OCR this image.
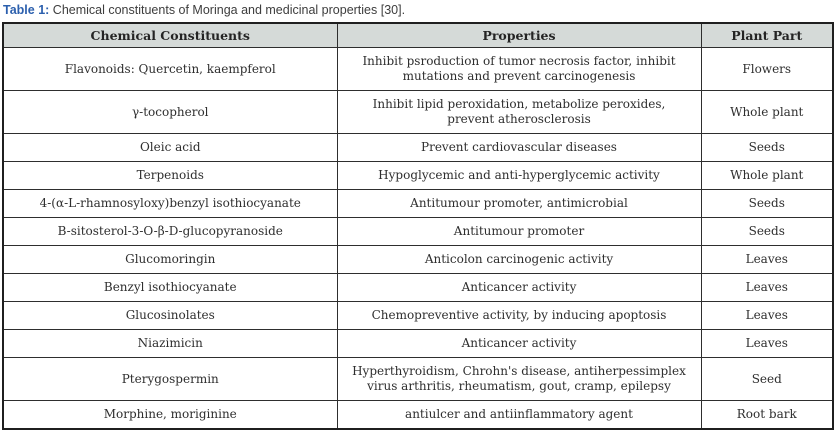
Table 1: Chemical constituents of Moringa and medicinal properties [30].
Chemical Constituents	Properties	Plant Part
Flavonoids: Quercetin, kaempferol	Inhibit psroduction of tumor necrosis factor, inhibit mutations and prevent carcinogenesis	Flowers
γ-tocopherol	Inhibit lipid peroxidation, metabolize peroxides, prevent atherosclerosis	Whole plant
Oleic acid	Prevent cardiovascular diseases	Seeds
Terpenoids	Hypoglycemic and anti-hyperglycemic activity	Whole plant
4-(α-L-rhamnosyloxy)benzyl isothiocyanate	Antitumour promoter, antimicrobial	Seeds
B-sitosterol-3-O-β-D-glucopyranoside	Antitumour promoter	Seeds
Glucomoringin	Anticolon carcinogenic activity	Leaves
Benzyl isothiocyanate	Anticancer activity	Leaves
Glucosinolates	Chemopreventive activity, by inducing apoptosis	Leaves
Niazimicin	Anticancer activity	Leaves
Pterygospermin	Hyperthyroidism, Chrohn's disease, antiherpessimplex virus arthritis, rheumatism, gout, cramp, epilepsy	Seed
Morphine, moriginine	antiulcer and antiinflammatory agent	Root bark
